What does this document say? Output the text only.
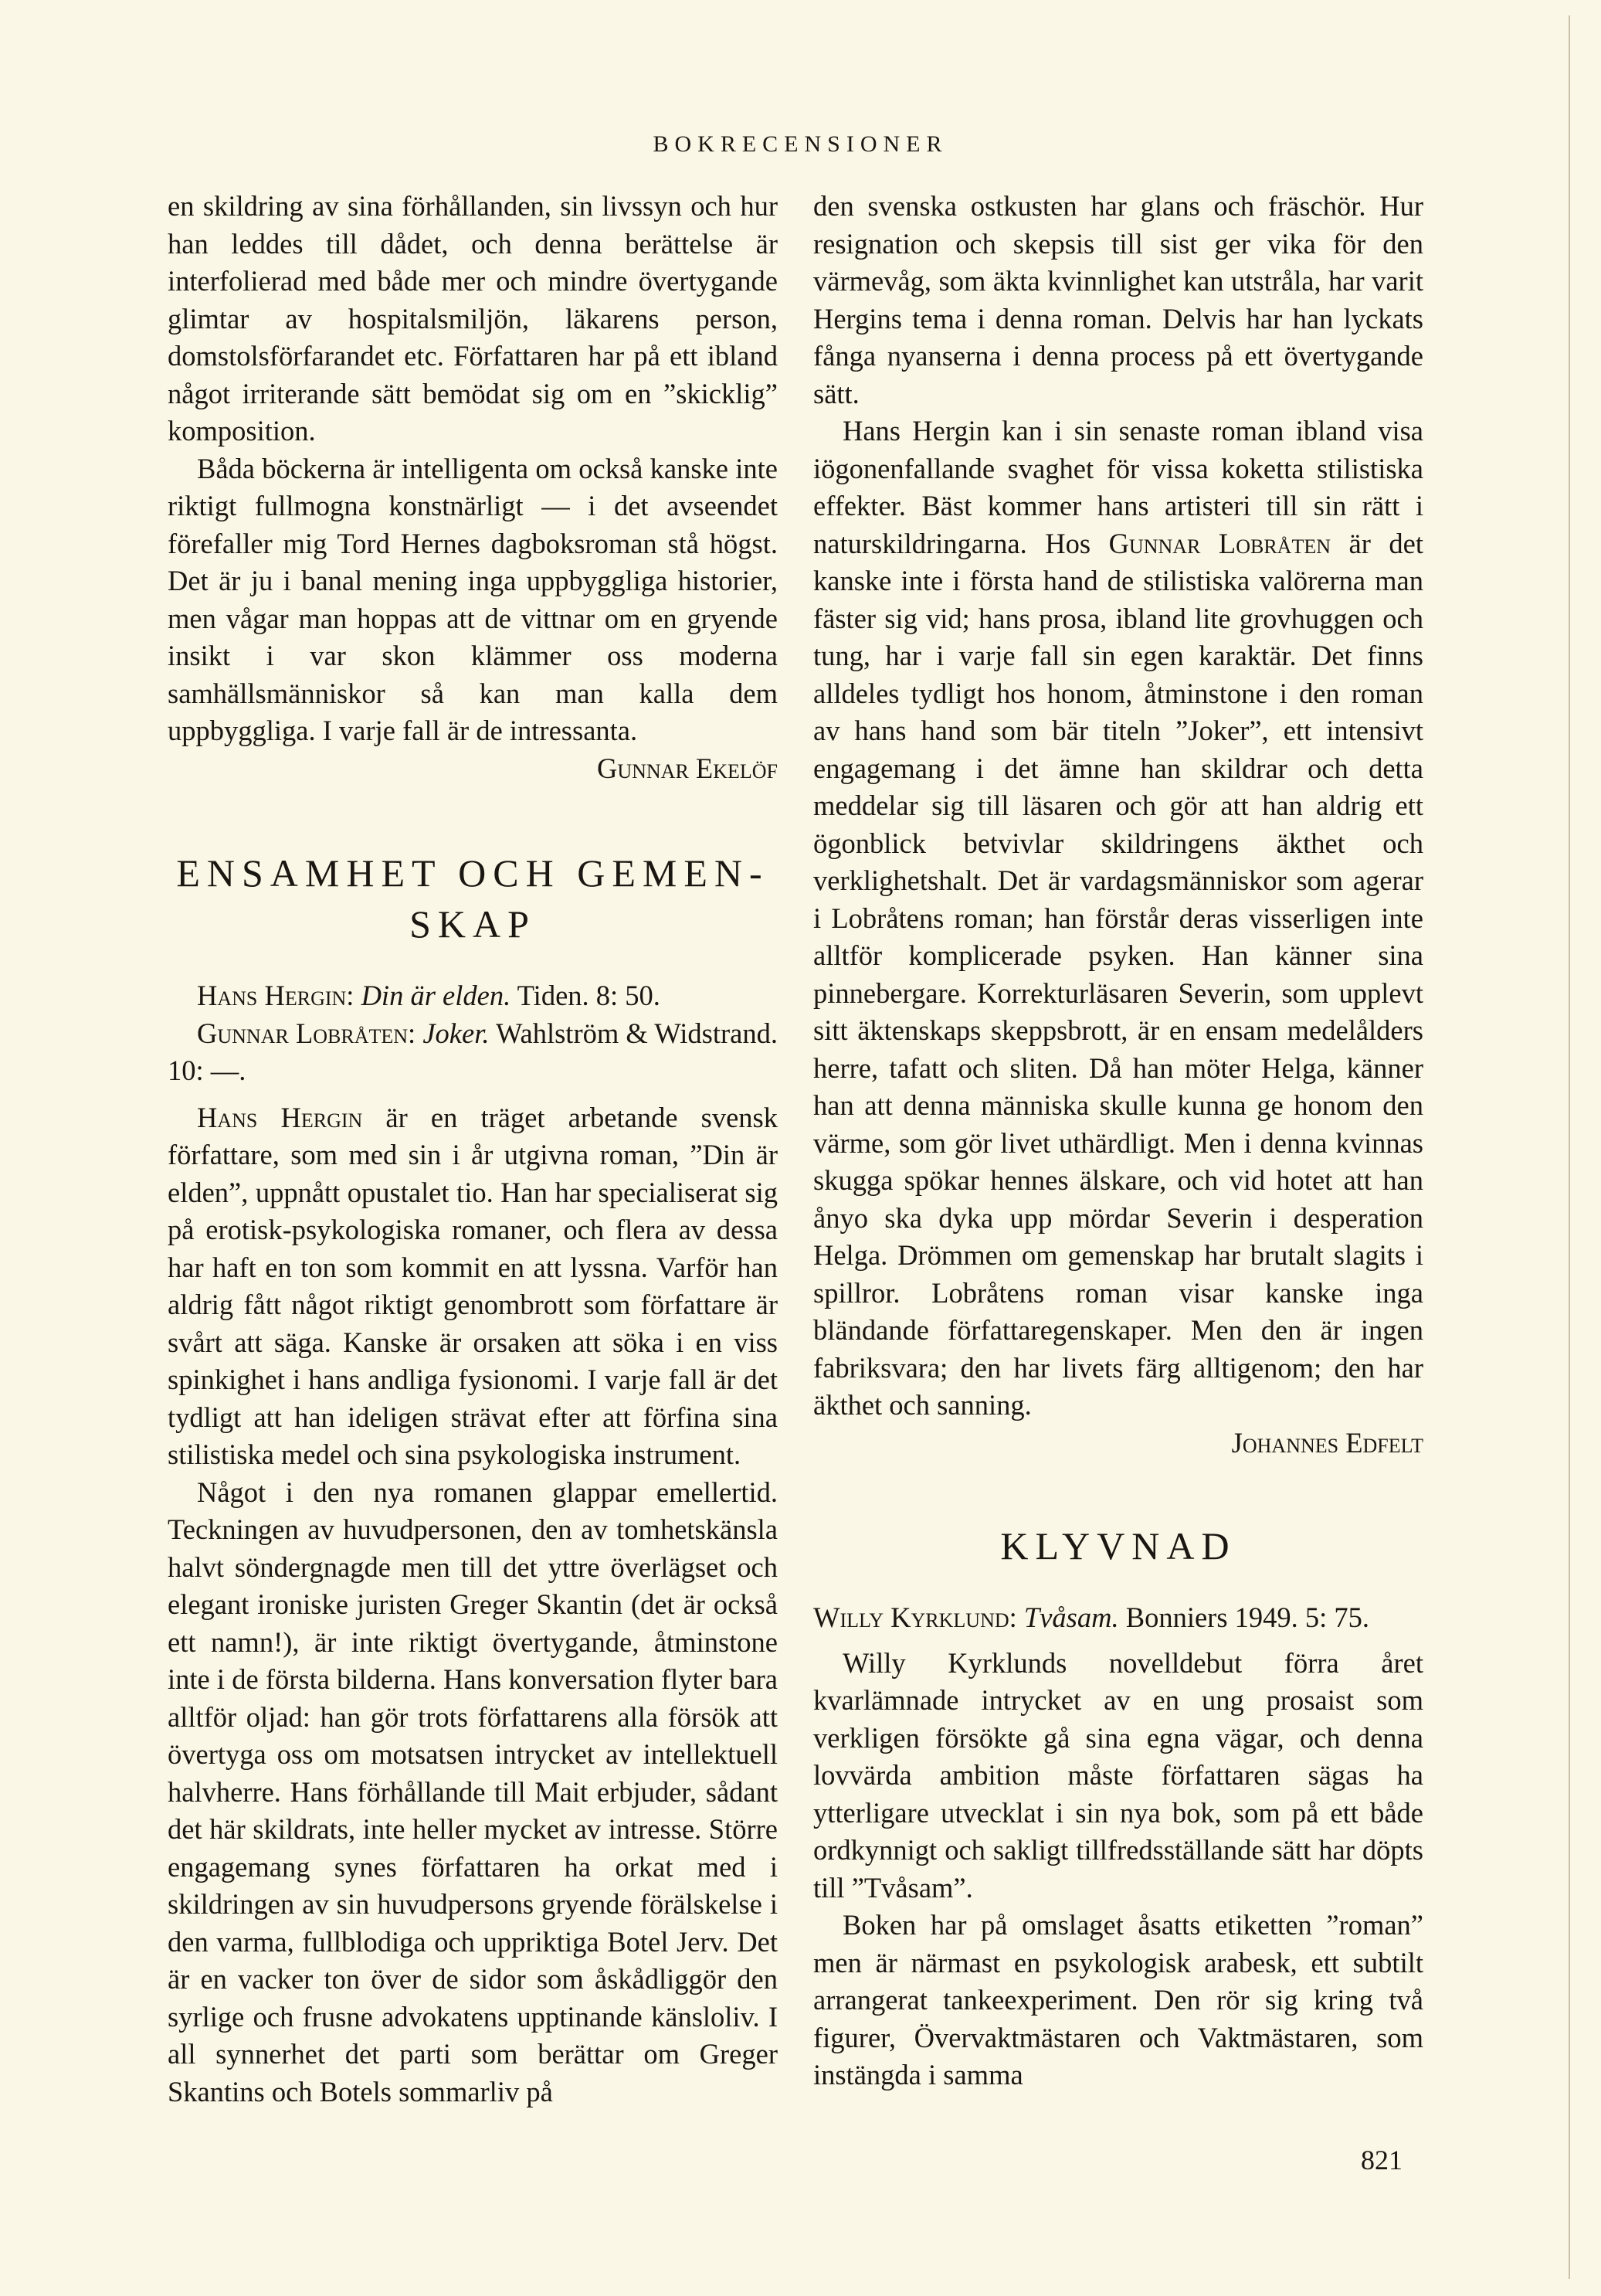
BOKRECENSIONER

en skildring av sina förhållanden, sin livssyn och hur han leddes till dådet, och denna berättelse är interfolierad med både mer och mindre övertygande glimtar av hospitalsmiljön, läkarens person, domstolsförfarandet etc. Författaren har på ett ibland något irriterande sätt bemödat sig om en ”skicklig” komposition.

Båda böckerna är intelligenta om också kanske inte riktigt fullmogna konstnärligt — i det avseendet förefaller mig Tord Hernes dagboksroman stå högst. Det är ju i banal mening inga uppbyggliga historier, men vågar man hoppas att de vittnar om en gryende insikt i var skon klämmer oss moderna samhällsmänniskor så kan man kalla dem uppbyggliga. I varje fall är de intressanta.

Gunnar Ekelöf
ENSAMHET OCH GEMEN-
SKAP

Hans Hergin: Din är elden. Tiden. 8: 50.

Gunnar Lobråten: Joker. Wahlström & Widstrand. 10: —.

Hans Hergin är en träget arbetande svensk författare, som med sin i år utgivna roman, ”Din är elden”, uppnått opustalet tio. Han har specialiserat sig på erotisk-psykologiska romaner, och flera av dessa har haft en ton som kommit en att lyssna. Varför han aldrig fått något riktigt genombrott som författare är svårt att säga. Kanske är orsaken att söka i en viss spinkighet i hans andliga fysionomi. I varje fall är det tydligt att han ideligen strävat efter att förfina sina stilistiska medel och sina psykologiska instrument.

Något i den nya romanen glappar emellertid. Teckningen av huvudpersonen, den av tomhetskänsla halvt söndergnagde men till det yttre överlägset och elegant ironiske juristen Greger Skantin (det är också ett namn!), är inte riktigt övertygande, åtminstone inte i de första bilderna. Hans konversation flyter bara alltför oljad: han gör trots författarens alla försök att övertyga oss om motsatsen intrycket av intellektuell halvherre. Hans förhållande till Mait erbjuder, sådant det här skildrats, inte heller mycket av intresse. Större engagemang synes författaren ha orkat med i skildringen av sin huvudpersons gryende förälskelse i den varma, fullblodiga och uppriktiga Botel Jerv. Det är en vacker ton över de sidor som åskådliggör den syrlige och frusne advokatens upptinande känsloliv. I all synnerhet det parti som berättar om Greger Skantins och Botels sommarliv på

den svenska ostkusten har glans och fräschör. Hur resignation och skepsis till sist ger vika för den värmevåg, som äkta kvinnlighet kan utstråla, har varit Hergins tema i denna roman. Delvis har han lyckats fånga nyanserna i denna process på ett övertygande sätt.

Hans Hergin kan i sin senaste roman ibland visa iögonenfallande svaghet för vissa koketta stilistiska effekter. Bäst kommer hans artisteri till sin rätt i naturskildringarna. Hos Gunnar Lobråten är det kanske inte i första hand de stilistiska valörerna man fäster sig vid; hans prosa, ibland lite grovhuggen och tung, har i varje fall sin egen karaktär. Det finns alldeles tydligt hos honom, åtminstone i den roman av hans hand som bär titeln ”Joker”, ett intensivt engagemang i det ämne han skildrar och detta meddelar sig till läsaren och gör att han aldrig ett ögonblick betvivlar skildringens äkthet och verklighetshalt. Det är vardagsmänniskor som agerar i Lobråtens roman; han förstår deras visserligen inte alltför komplicerade psyken. Han känner sina pinnebergare. Korrekturläsaren Severin, som upplevt sitt äktenskaps skeppsbrott, är en ensam medelålders herre, tafatt och sliten. Då han möter Helga, känner han att denna människa skulle kunna ge honom den värme, som gör livet uthärdligt. Men i denna kvinnas skugga spökar hennes älskare, och vid hotet att han ånyo ska dyka upp mördar Severin i desperation Helga. Drömmen om gemenskap har brutalt slagits i spillror. Lobråtens roman visar kanske inga bländande författaregenskaper. Men den är ingen fabriksvara; den har livets färg alltigenom; den har äkthet och sanning.

Johannes Edfelt
KLYVNAD

Willy Kyrklund: Tvåsam. Bonniers 1949. 5: 75.

Willy Kyrklunds novelldebut förra året kvarlämnade intrycket av en ung prosaist som verkligen försökte gå sina egna vägar, och denna lovvärda ambition måste författaren sägas ha ytterligare utvecklat i sin nya bok, som på ett både ordkynnigt och sakligt tillfredsställande sätt har döpts till ”Tvåsam”.

Boken har på omslaget åsatts etiketten ”roman” men är närmast en psykologisk arabesk, ett subtilt arrangerat tankeexperiment. Den rör sig kring två figurer, Övervaktmästaren och Vaktmästaren, som instängda i samma

821
